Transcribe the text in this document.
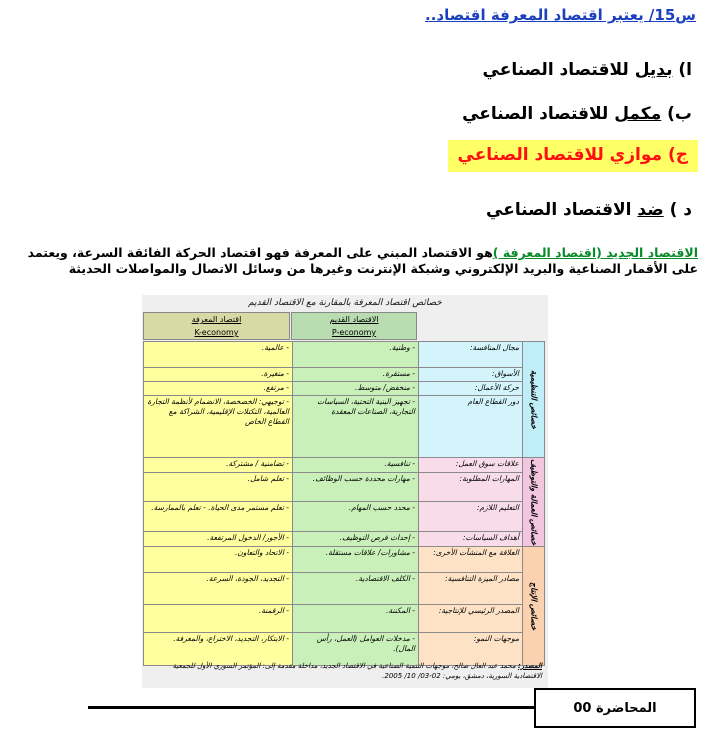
س15/ يعتبر اقتصاد المعرفة اقتصاد..

ا) بديل للاقتصاد الصناعي

ب) مكمل للاقتصاد الصناعي

ج) موازي للاقتصاد الصناعي

د ) ضد الاقتصاد الصناعي

الاقتصاد الجديد (اقتصاد المعرفة )هو الاقتصاد المبني على المعرفة فهو اقتصاد الحركة الفائقة السرعة، ويعتمد على الأقمار الصناعية والبريد الإلكتروني وشبكة الإنترنت وغيرها من وسائل الاتصال والمواصلات الحديثة

خصائص اقتصاد المعرفة بالمقارنة مع الاقتصاد القديم

اقتصاد المعرفة
K-economy
الاقتصاد القديم
P-economy
خصائص التنظيمية	مجال المنافسة:	- وطنية.	- عالمية.
	الأسواق:	- مستقرة.	- متغيرة.
	حركة الأعمال:	- منخفض/ متوسط.	- مرتفع.
	دور القطاع العام	- تجهيز البنية التحتية، السياسات التجارية، الصناعات المعقدة	- توجيهي: الخصخصة، الانضمام لأنظمة التجارة العالمية، التكتلات الإقليمية، الشراكة مع القطاع الخاص
خصائص العمالة والتوظيف	علاقات سوق العمل:	- تنافسية.	- تضامنية / مشتركة.
	المهارات المطلوبة:	- مهارات محددة حسب الوظائف.	- تعلم شامل.
	التعليم اللازم:	- محدد حسب المهام.	- تعلم مستمر مدى الحياة. - تعلم بالممارسة.
	أهداف السياسات:	- إحداث فرص التوظيف.	- الأجور/ الدخول المرتفعة.
خصائص الإنتاج	العلاقة مع المنشآت الأخرى:	- مشاورات/ علاقات مستقلة.	- الاتحاد والتعاون.
	مصادر الميزة التنافسية:	- الكلف الاقتصادية.	- التجديد، الجودة، السرعة.
	المصدر الرئيسي للإنتاجية:	- المكننة.	- الرقمنة.
	موجهات النمو:	- مدخلات العوامل (العمل، رأس المال).	- الابتكار، التجديد، الاختراع، والمعرفة.

المصدر: محمد عبد العال صالح، موجهات التنمية الصناعية في الاقتصاد الجديد، مداخلة مقدمة إلى: المؤتمر السوري الأول للجمعية الاقتصادية السورية، دمشق، يومي: 02-03/ 10/ 2005.

المحاضرة 00
